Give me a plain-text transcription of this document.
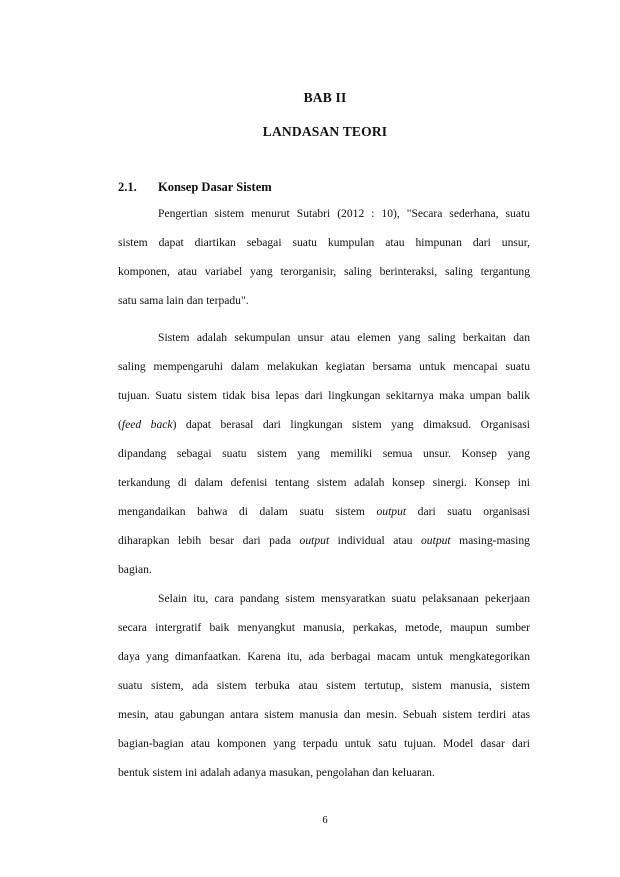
BAB II
LANDASAN TEORI
2.1. Konsep Dasar Sistem
Pengertian sistem menurut Sutabri (2012 : 10), "Secara sederhana, suatu
sistem dapat diartikan sebagai suatu kumpulan atau himpunan dari unsur,
komponen, atau variabel yang terorganisir, saling berinteraksi, saling tergantung
satu sama lain dan terpadu".
Sistem adalah sekumpulan unsur atau elemen yang saling berkaitan dan
saling mempengaruhi dalam melakukan kegiatan bersama untuk mencapai suatu
tujuan. Suatu sistem tidak bisa lepas dari lingkungan sekitarnya maka umpan balik
(feed back) dapat berasal dari lingkungan sistem yang dimaksud. Organisasi
dipandang sebagai suatu sistem yang memiliki semua unsur. Konsep yang
terkandung di dalam defenisi tentang sistem adalah konsep sinergi. Konsep ini
mengandaikan bahwa di dalam suatu sistem output dari suatu organisasi
diharapkan lebih besar dari pada output individual atau output masing-masing
bagian.
Selain itu, cara pandang sistem mensyaratkan suatu pelaksanaan pekerjaan
secara intergratif baik menyangkut manusia, perkakas, metode, maupun sumber
daya yang dimanfaatkan. Karena itu, ada berbagai macam untuk mengkategorikan
suatu sistem, ada sistem terbuka atau sistem tertutup, sistem manusia, sistem
mesin, atau gabungan antara sistem manusia dan mesin. Sebuah sistem terdiri atas
bagian-bagian atau komponen yang terpadu untuk satu tujuan. Model dasar dari
bentuk sistem ini adalah adanya masukan, pengolahan dan keluaran.
6
